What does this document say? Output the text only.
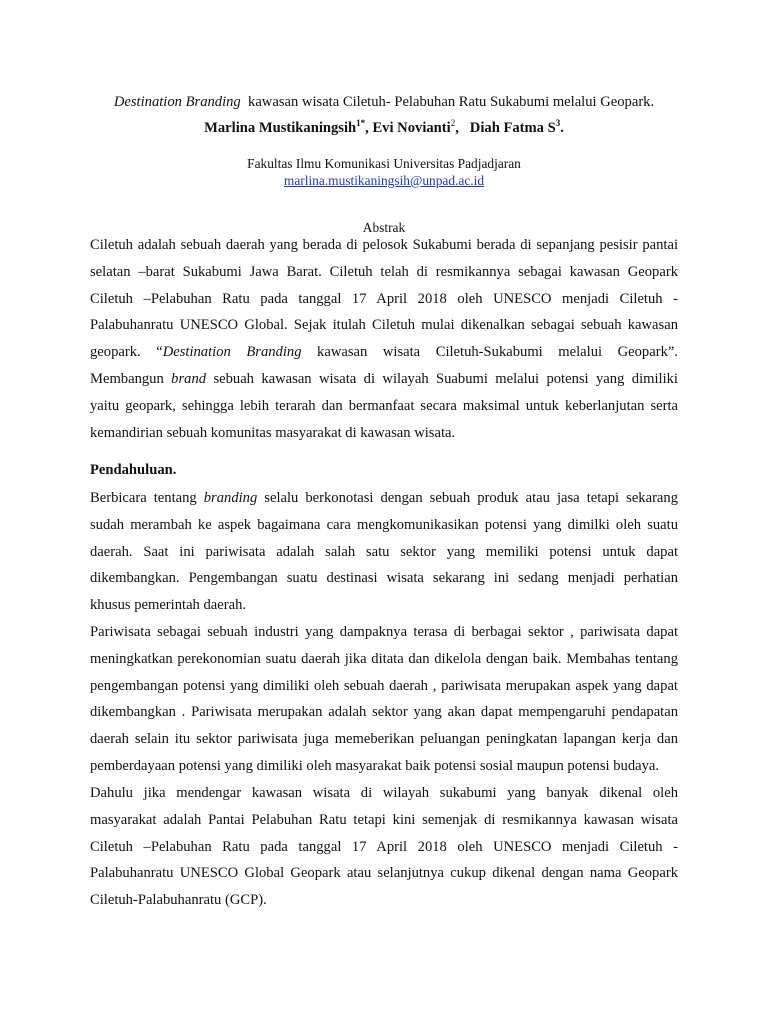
Destination Branding  kawasan wisata Ciletuh- Pelabuhan Ratu Sukabumi melalui Geopark.
Marlina Mustikaningsih$^{1*}$, Evi Novianti$^2$,   Diah Fatma $S^3$.
Fakultas Ilmu Komunikasi Universitas Padjadjaran
marlina.mustikaningsih@unpad.ac.id
Abstrak
Ciletuh adalah sebuah daerah yang berada di pelosok Sukabumi berada di sepanjang pesisir pantai
selatan –barat Sukabumi Jawa Barat. Ciletuh telah di resmikannya sebagai kawasan Geopark
Ciletuh –Pelabuhan Ratu pada tanggal 17 April 2018 oleh UNESCO menjadi Ciletuh -
Palabuhanratu UNESCO Global. Sejak itulah Ciletuh mulai dikenalkan sebagai sebuah kawasan
geopark. “Destination Branding kawasan wisata Ciletuh-Sukabumi melalui Geopark”.
Membangun brand sebuah kawasan wisata di wilayah Suabumi melalui potensi yang dimiliki
yaitu geopark, sehingga lebih terarah dan bermanfaat secara maksimal untuk keberlanjutan serta
kemandirian sebuah komunitas masyarakat di kawasan wisata.
Pendahuluan.
Berbicara tentang branding selalu berkonotasi dengan sebuah produk atau jasa tetapi sekarang
sudah merambah ke aspek bagaimana cara mengkomunikasikan potensi yang dimilki oleh suatu
daerah. Saat ini pariwisata adalah salah satu sektor yang memiliki potensi untuk dapat
dikembangkan. Pengembangan suatu destinasi wisata sekarang ini sedang menjadi perhatian
khusus pemerintah daerah.
Pariwisata sebagai sebuah industri yang dampaknya terasa di berbagai sektor , pariwisata dapat
meningkatkan perekonomian suatu daerah jika ditata dan dikelola dengan baik. Membahas tentang
pengembangan potensi yang dimiliki oleh sebuah daerah , pariwisata merupakan aspek yang dapat
dikembangkan . Pariwisata merupakan adalah sektor yang akan dapat mempengaruhi pendapatan
daerah selain itu sektor pariwisata juga memeberikan peluangan peningkatan lapangan kerja dan
pemberdayaan potensi yang dimiliki oleh masyarakat baik potensi sosial maupun potensi budaya.
Dahulu jika mendengar kawasan wisata di wilayah sukabumi yang banyak dikenal oleh
masyarakat adalah Pantai Pelabuhan Ratu tetapi kini semenjak di resmikannya kawasan wisata
Ciletuh –Pelabuhan Ratu pada tanggal 17 April 2018 oleh UNESCO menjadi Ciletuh -
Palabuhanratu UNESCO Global Geopark atau selanjutnya cukup dikenal dengan nama Geopark
Ciletuh-Palabuhanratu (GCP).
